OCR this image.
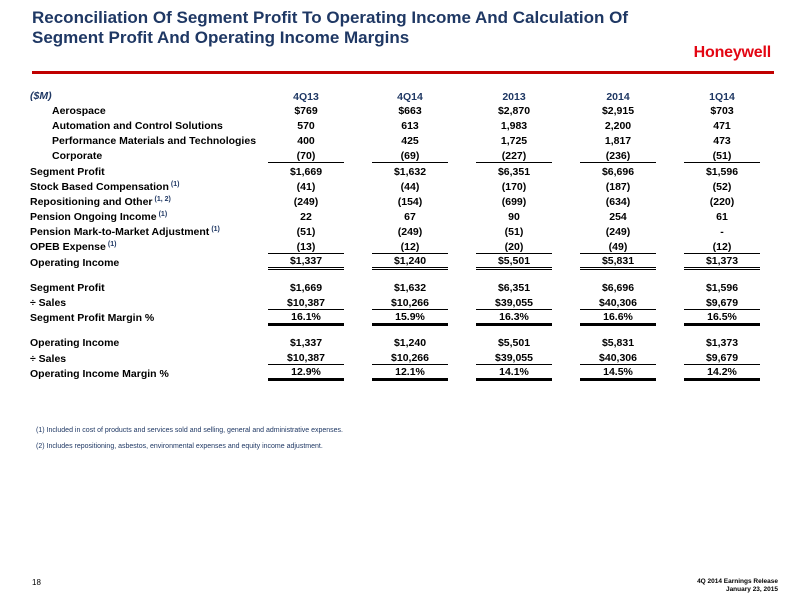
Reconciliation Of Segment Profit To Operating Income And Calculation Of Segment Profit And Operating Income Margins
Honeywell
($M)	4Q13	4Q14	2013	2014	1Q14
Aerospace	$769	$663	$2,870	$2,915	$703
Automation and Control Solutions	570	613	1,983	2,200	471
Performance Materials and Technologies	400	425	1,725	1,817	473
Corporate	(70)	(69)	(227)	(236)	(51)
Segment Profit	$1,669	$1,632	$6,351	$6,696	$1,596
Stock Based Compensation $^{(1)}$	(41)	(44)	(170)	(187)	(52)
Repositioning and Other $^{(1, 2)}$	(249)	(154)	(699)	(634)	(220)
Pension Ongoing Income $^{(1)}$	22	67	90	254	61
Pension Mark-to-Market Adjustment $^{(1)}$	(51)	(249)	(51)	(249)	-
OPEB Expense $^{(1)}$	(13)	(12)	(20)	(49)	(12)
Operating Income	$1,337	$1,240	$5,501	$5,831	$1,373

Segment Profit	$1,669	$1,632	$6,351	$6,696	$1,596
÷ Sales	$10,387	$10,266	$39,055	$40,306	$9,679
Segment Profit Margin %	16.1%	15.9%	16.3%	16.6%	16.5%

Operating Income	$1,337	$1,240	$5,501	$5,831	$1,373
÷ Sales	$10,387	$10,266	$39,055	$40,306	$9,679
Operating Income Margin %	12.9%	12.1%	14.1%	14.5%	14.2%
(1) Included in cost of products and services sold and selling, general and administrative expenses.
(2) Includes repositioning, asbestos, environmental expenses and equity income adjustment.
18	4Q 2014 Earnings Release
January 23, 2015
